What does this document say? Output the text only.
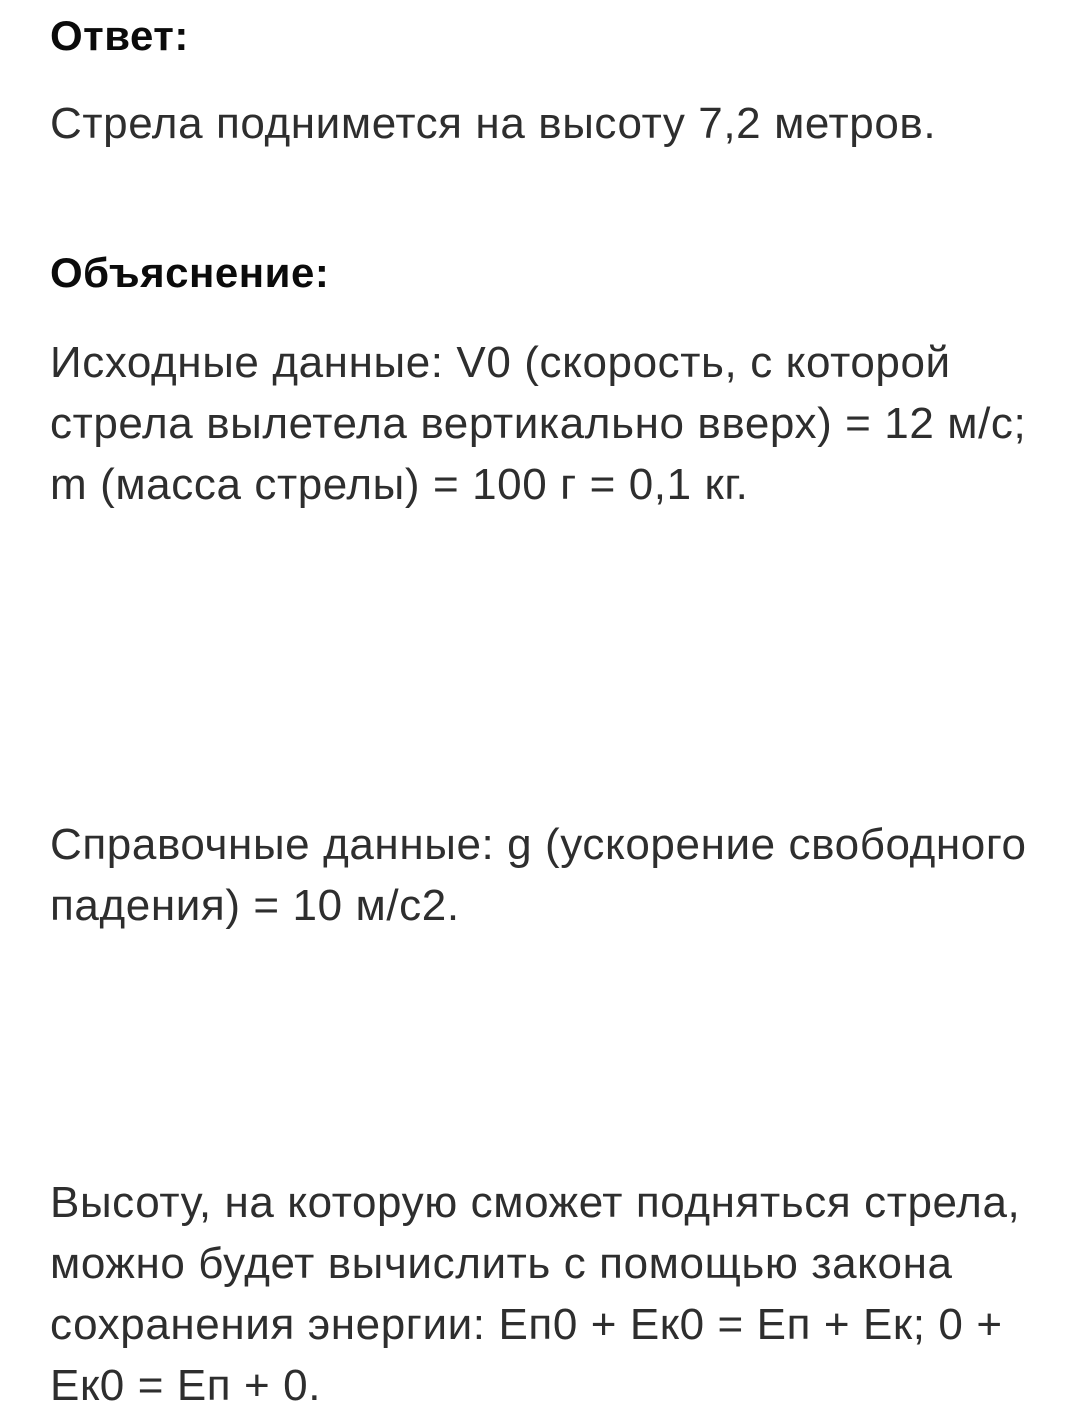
Ответ:

Стрела поднимется на высоту 7,2 метров.

Объяснение:

Исходные данные: V0 (скорость, с которой стрела вылетела вертикально вверх) = 12 м/с; m (масса стрелы) = 100 г = 0,1 кг.

Справочные данные: g (ускорение свободного падения) = 10 м/с2.

Высоту, на которую сможет подняться стрела, можно будет вычислить с помощью закона сохранения энергии: Еп0 + Ек0 = Еп + Ек; 0 + Ек0 = Еп + 0.
